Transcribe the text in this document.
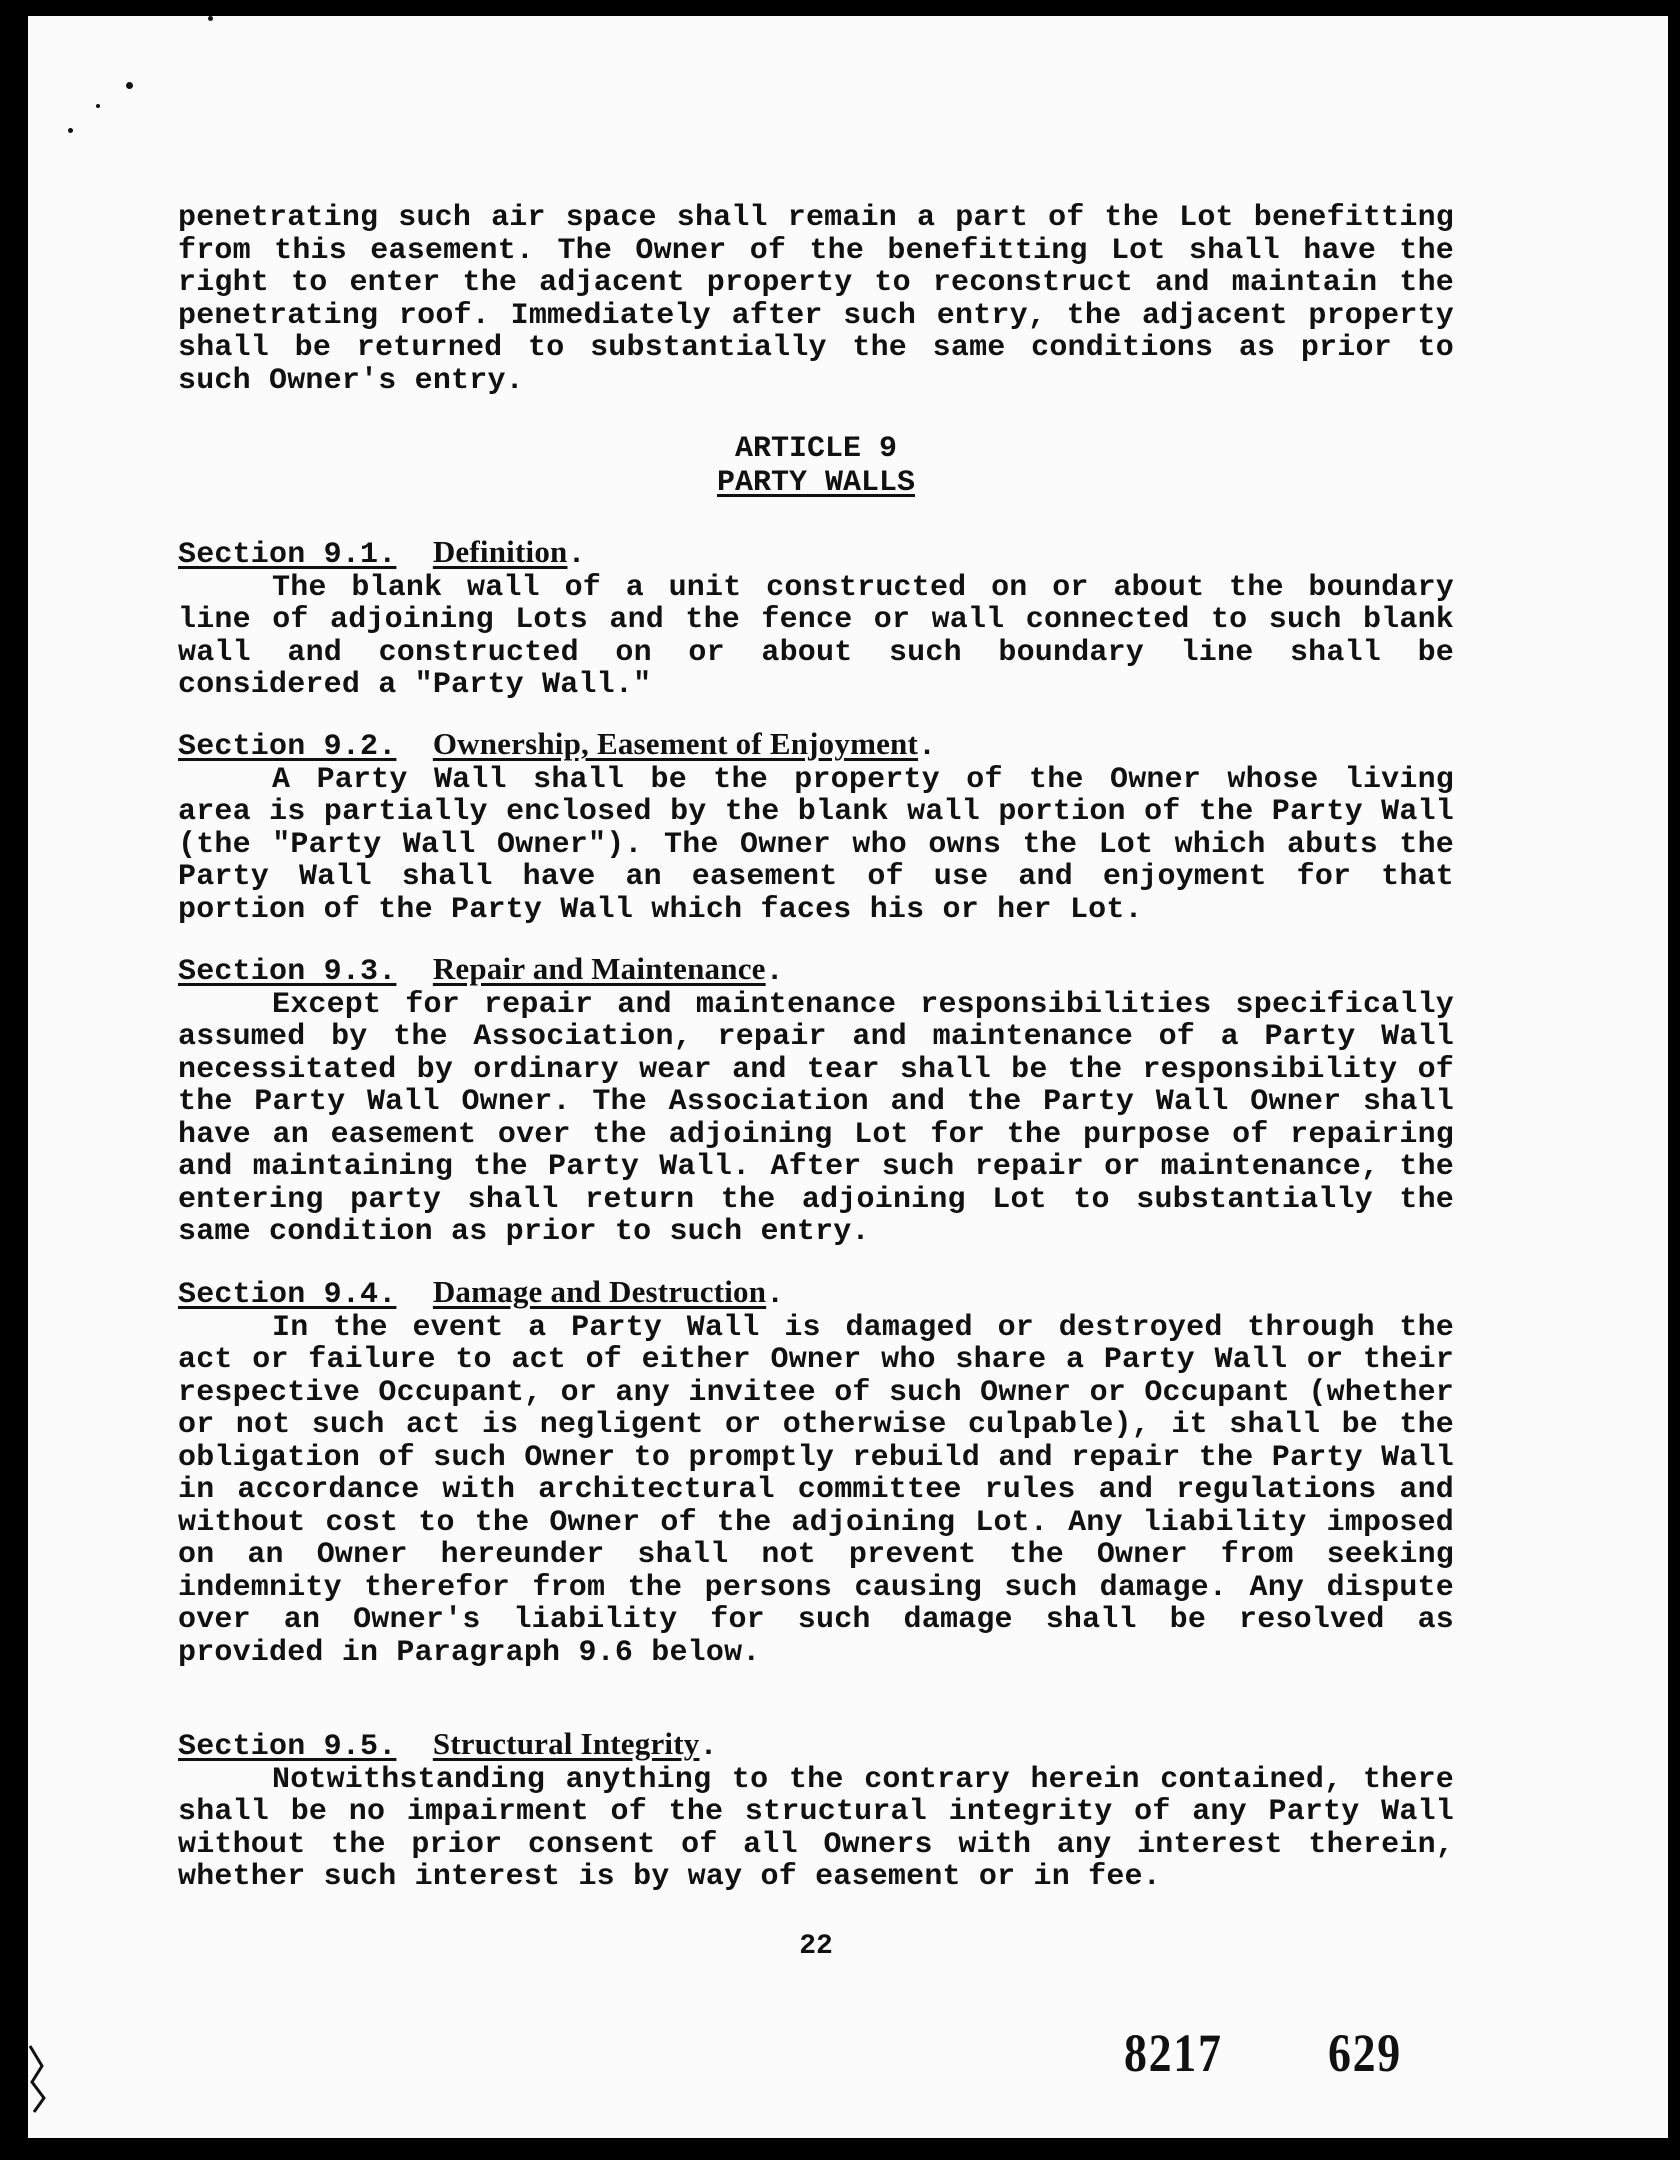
penetrating such air space shall remain a part of the Lot benefitting from this easement. The Owner of the benefitting Lot shall have the right to enter the adjacent property to reconstruct and maintain the penetrating roof. Immediately after such entry, the adjacent property shall be returned to substantially the same conditions as prior to such Owner's entry.

ARTICLE 9
PARTY WALLS

Section 9.1. Definition.

The blank wall of a unit constructed on or about the boundary line of adjoining Lots and the fence or wall connected to such blank wall and constructed on or about such boundary line shall be considered a "Party Wall."

Section 9.2. Ownership, Easement of Enjoyment.

A Party Wall shall be the property of the Owner whose living area is partially enclosed by the blank wall portion of the Party Wall (the "Party Wall Owner"). The Owner who owns the Lot which abuts the Party Wall shall have an easement of use and enjoyment for that portion of the Party Wall which faces his or her Lot.

Section 9.3. Repair and Maintenance.

Except for repair and maintenance responsibilities specifically assumed by the Association, repair and maintenance of a Party Wall necessitated by ordinary wear and tear shall be the responsibility of the Party Wall Owner. The Association and the Party Wall Owner shall have an easement over the adjoining Lot for the purpose of repairing and maintaining the Party Wall. After such repair or maintenance, the entering party shall return the adjoining Lot to substantially the same condition as prior to such entry.

Section 9.4. Damage and Destruction.

In the event a Party Wall is damaged or destroyed through the act or failure to act of either Owner who share a Party Wall or their respective Occupant, or any invitee of such Owner or Occupant (whether or not such act is negligent or otherwise culpable), it shall be the obligation of such Owner to promptly rebuild and repair the Party Wall in accordance with architectural committee rules and regulations and without cost to the Owner of the adjoining Lot. Any liability imposed on an Owner hereunder shall not prevent the Owner from seeking indemnity therefor from the persons causing such damage. Any dispute over an Owner's liability for such damage shall be resolved as provided in Paragraph 9.6 below.

Section 9.5. Structural Integrity.

Notwithstanding anything to the contrary herein contained, there shall be no impairment of the structural integrity of any Party Wall without the prior consent of all Owners with any interest therein, whether such interest is by way of easement or in fee.

22
8217 629
